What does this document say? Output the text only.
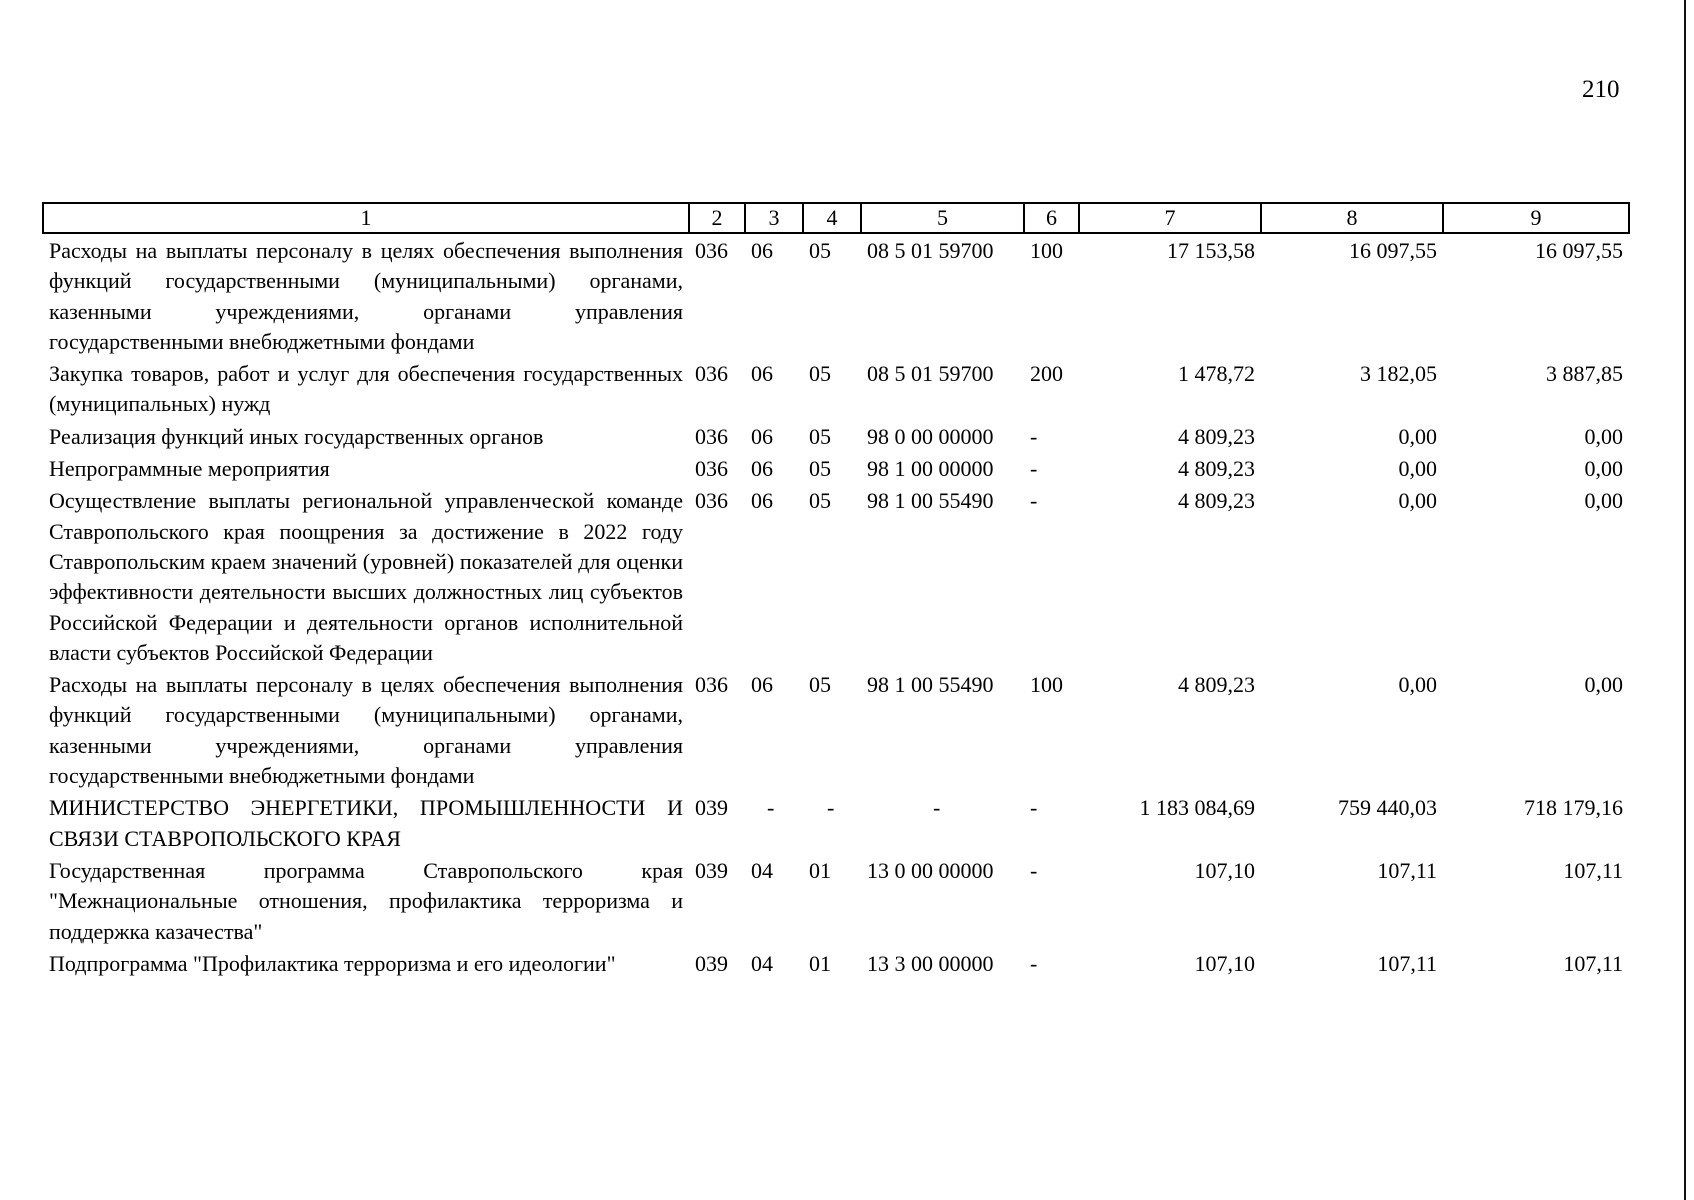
210
1	2	3	4	5	6	7	8	9
Расходы на выплаты персоналу в целях обеспечения выполнения функций государственными (муниципальными) органами, казенными учреждениями, органами управления государственными внебюджетными фондами	036	06	05	08 5 01 59700	100	17 153,58	16 097,55	16 097,55
Закупка товаров, работ и услуг для обеспечения государственных (муниципальных) нужд	036	06	05	08 5 01 59700	200	1 478,72	3 182,05	3 887,85
Реализация функций иных государственных органов	036	06	05	98 0 00 00000	-	4 809,23	0,00	0,00
Непрограммные мероприятия	036	06	05	98 1 00 00000	-	4 809,23	0,00	0,00
Осуществление выплаты региональной управленческой команде Ставропольского края поощрения за достижение в 2022 году Ставропольским краем значений (уровней) показателей для оценки эффективности деятельности высших должностных лиц субъектов Российской Федерации и деятельности органов исполнительной власти субъектов Российской Федерации	036	06	05	98 1 00 55490	-	4 809,23	0,00	0,00
Расходы на выплаты персоналу в целях обеспечения выполнения функций государственными (муниципальными) органами, казенными учреждениями, органами управления государственными внебюджетными фондами	036	06	05	98 1 00 55490	100	4 809,23	0,00	0,00
МИНИСТЕРСТВО ЭНЕРГЕТИКИ, ПРОМЫШЛЕННОСТИ И СВЯЗИ СТАВРОПОЛЬСКОГО КРАЯ	039	-	-	-	-	1 183 084,69	759 440,03	718 179,16
Государственная программа Ставропольского края "Межнациональные отношения, профилактика терроризма и поддержка казачества"	039	04	01	13 0 00 00000	-	107,10	107,11	107,11
Подпрограмма "Профилактика терроризма и его идеологии"	039	04	01	13 3 00 00000	-	107,10	107,11	107,11
